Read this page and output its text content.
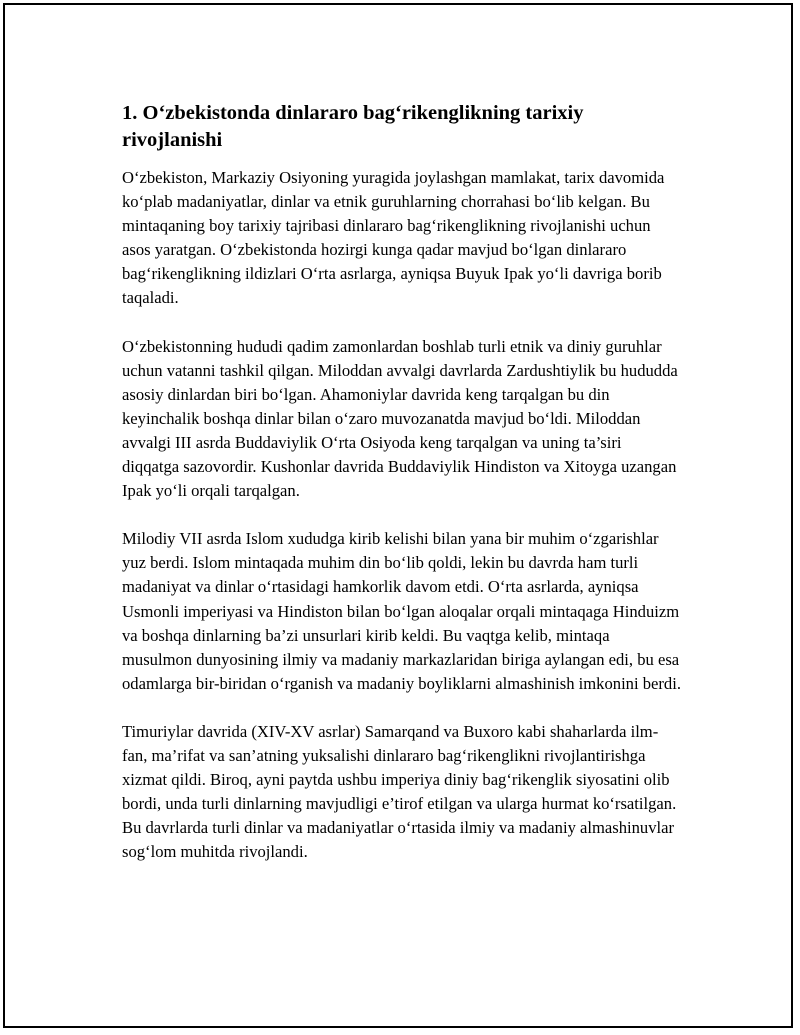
1. O‘zbekistonda dinlararo bag‘rikenglikning tarixiy rivojlanishi

O‘zbekiston, Markaziy Osiyoning yuragida joylashgan mamlakat, tarix davomida ko‘plab madaniyatlar, dinlar va etnik guruhlarning chorrahasi bo‘lib kelgan. Bu mintaqaning boy tarixiy tajribasi dinlararo bag‘rikenglikning rivojlanishi uchun asos yaratgan. O‘zbekistonda hozirgi kunga qadar mavjud bo‘lgan dinlararo bag‘rikenglikning ildizlari O‘rta asrlarga, ayniqsa Buyuk Ipak yo‘li davriga borib taqaladi.

O‘zbekistonning hududi qadim zamonlardan boshlab turli etnik va diniy guruhlar uchun vatanni tashkil qilgan. Miloddan avvalgi davrlarda Zardushtiylik bu hududda asosiy dinlardan biri bo‘lgan. Ahamoniylar davrida keng tarqalgan bu din keyinchalik boshqa dinlar bilan o‘zaro muvozanatda mavjud bo‘ldi. Miloddan avvalgi III asrda Buddaviylik O‘rta Osiyoda keng tarqalgan va uning ta’siri diqqatga sazovordir. Kushonlar davrida Buddaviylik Hindiston va Xitoyga uzangan Ipak yo‘li orqali tarqalgan.

Milodiy VII asrda Islom xududga kirib kelishi bilan yana bir muhim o‘zgarishlar yuz berdi. Islom mintaqada muhim din bo‘lib qoldi, lekin bu davrda ham turli madaniyat va dinlar o‘rtasidagi hamkorlik davom etdi. O‘rta asrlarda, ayniqsa Usmonli imperiyasi va Hindiston bilan bo‘lgan aloqalar orqali mintaqaga Hinduizm va boshqa dinlarning ba’zi unsurlari kirib keldi. Bu vaqtga kelib, mintaqa musulmon dunyosining ilmiy va madaniy markazlaridan biriga aylangan edi, bu esa odamlarga bir-biridan o‘rganish va madaniy boyliklarni almashinish imkonini berdi.

Timuriylar davrida (XIV-XV asrlar) Samarqand va Buxoro kabi shaharlarda ilm-fan, ma’rifat va san’atning yuksalishi dinlararo bag‘rikenglikni rivojlantirishga xizmat qildi. Biroq, ayni paytda ushbu imperiya diniy bag‘rikenglik siyosatini olib bordi, unda turli dinlarning mavjudligi e’tirof etilgan va ularga hurmat ko‘rsatilgan. Bu davrlarda turli dinlar va madaniyatlar o‘rtasida ilmiy va madaniy almashinuvlar sog‘lom muhitda rivojlandi.
